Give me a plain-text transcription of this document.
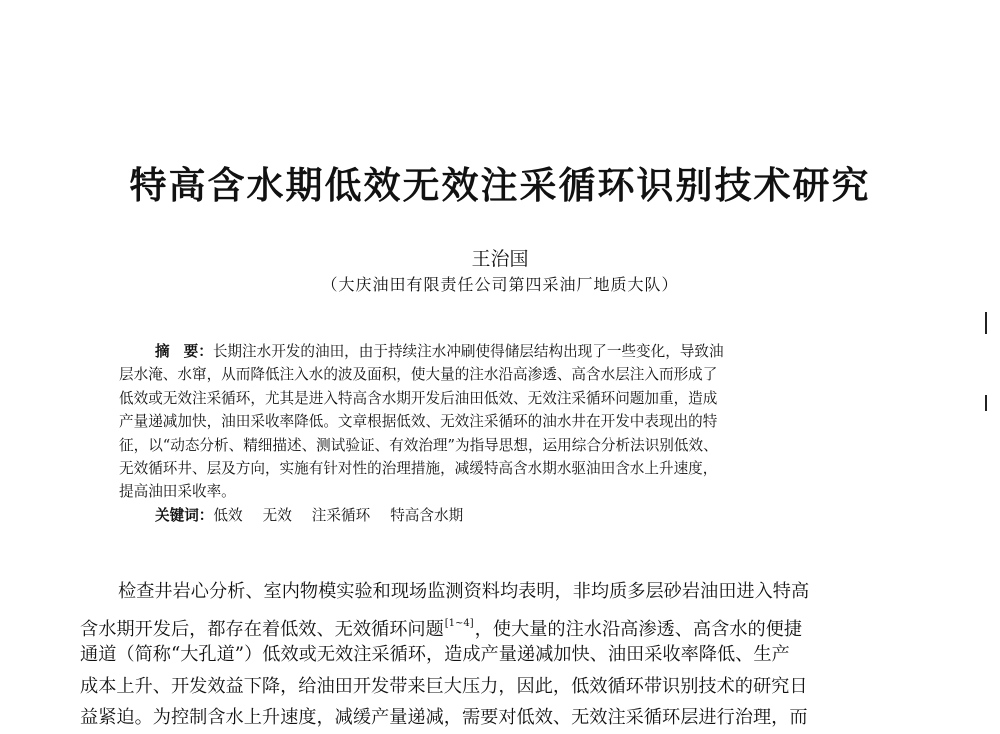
特高含水期低效无效注采循环识别技术研究
王治国
（大庆油田有限责任公司第四采油厂地质大队）
摘 要：长期注水开发的油田，由于持续注水冲刷使得储层结构出现了一些变化，导致油
层水淹、水窜，从而降低注入水的波及面积，使大量的注水沿高渗透、高含水层注入而形成了
低效或无效注采循环，尤其是进入特高含水期开发后油田低效、无效注采循环问题加重，造成
产量递减加快，油田采收率降低。文章根据低效、无效注采循环的油水井在开发中表现出的特
征，以“动态分析、精细描述、测试验证、有效治理”为指导思想，运用综合分析法识别低效、
无效循环井、层及方向，实施有针对性的治理措施，减缓特高含水期水驱油田含水上升速度，
提高油田采收率。
关键词：低效 无效 注采循环 特高含水期
检查井岩心分析、室内物模实验和现场监测资料均表明，非均质多层砂岩油田进入特高
含水期开发后，都存在着低效、无效循环问题[1~4]，使大量的注水沿高渗透、高含水的便捷
通道（简称“大孔道”）低效或无效注采循环，造成产量递减加快、油田采收率降低、生产
成本上升、开发效益下降，给油田开发带来巨大压力，因此，低效循环带识别技术的研究日
益紧迫。为控制含水上升速度，减缓产量递减，需要对低效、无效注采循环层进行治理，而
